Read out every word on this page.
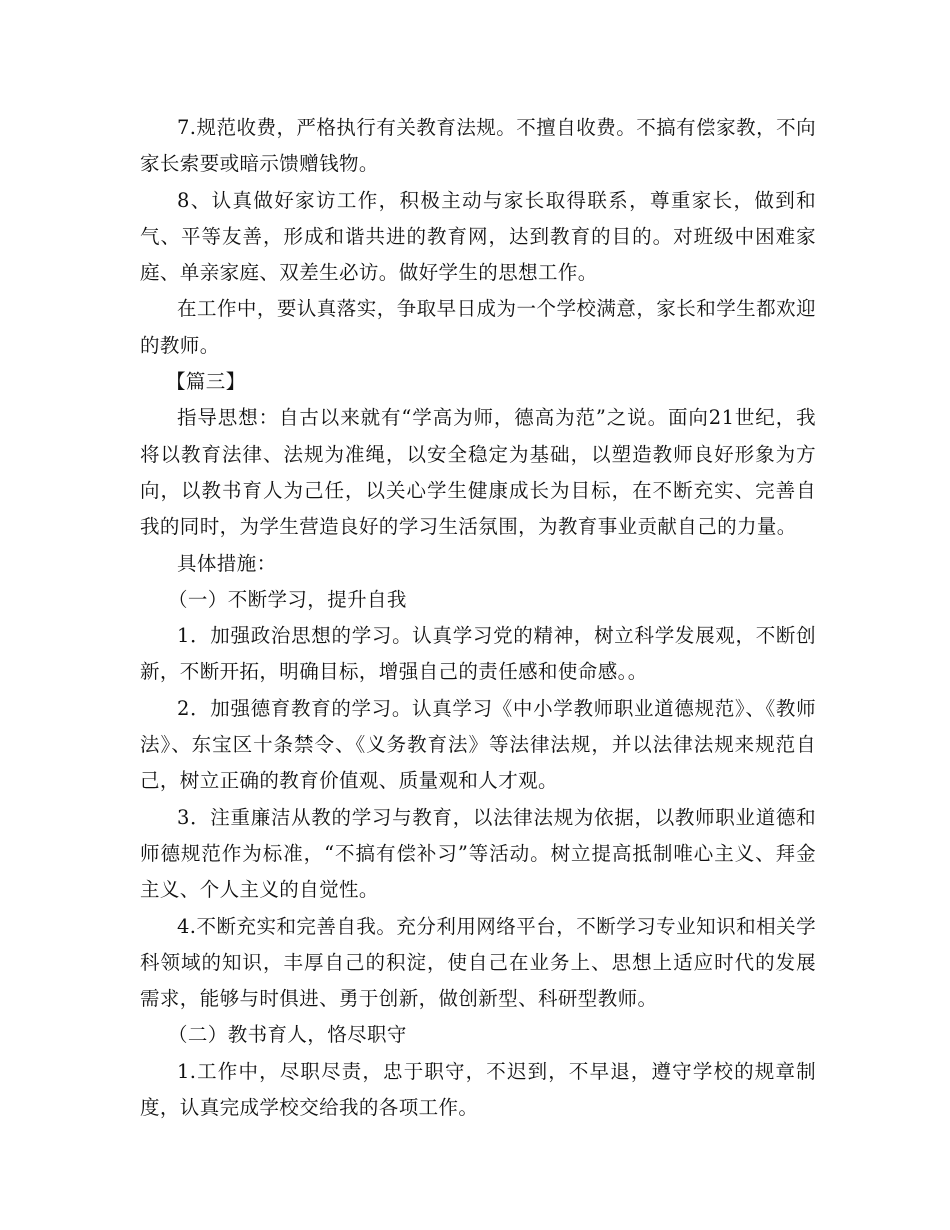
7.规范收费，严格执行有关教育法规。不擅自收费。不搞有偿家教，不向家长索要或暗示馈赠钱物。

8、认真做好家访工作，积极主动与家长取得联系，尊重家长，做到和气、平等友善，形成和谐共进的教育网，达到教育的目的。对班级中困难家庭、单亲家庭、双差生必访。做好学生的思想工作。

在工作中，要认真落实，争取早日成为一个学校满意，家长和学生都欢迎的教师。

【篇三】

指导思想：自古以来就有“学高为师，德高为范”之说。面向21世纪，我将以教育法律、法规为准绳，以安全稳定为基础，以塑造教师良好形象为方向，以教书育人为己任，以关心学生健康成长为目标，在不断充实、完善自我的同时，为学生营造良好的学习生活氛围，为教育事业贡献自己的力量。

具体措施：

（一）不断学习，提升自我

1．加强政治思想的学习。认真学习党的精神，树立科学发展观，不断创新，不断开拓，明确目标，增强自己的责任感和使命感。。

2．加强德育教育的学习。认真学习《中小学教师职业道德规范》、《教师法》、东宝区十条禁令、《义务教育法》等法律法规，并以法律法规来规范自己，树立正确的教育价值观、质量观和人才观。

3．注重廉洁从教的学习与教育，以法律法规为依据，以教师职业道德和师德规范作为标准，“不搞有偿补习”等活动。树立提高抵制唯心主义、拜金主义、个人主义的自觉性。

4.不断充实和完善自我。充分利用网络平台，不断学习专业知识和相关学科领域的知识，丰厚自己的积淀，使自己在业务上、思想上适应时代的发展需求，能够与时俱进、勇于创新，做创新型、科研型教师。

（二）教书育人，恪尽职守

1.工作中，尽职尽责，忠于职守，不迟到，不早退，遵守学校的规章制度，认真完成学校交给我的各项工作。
